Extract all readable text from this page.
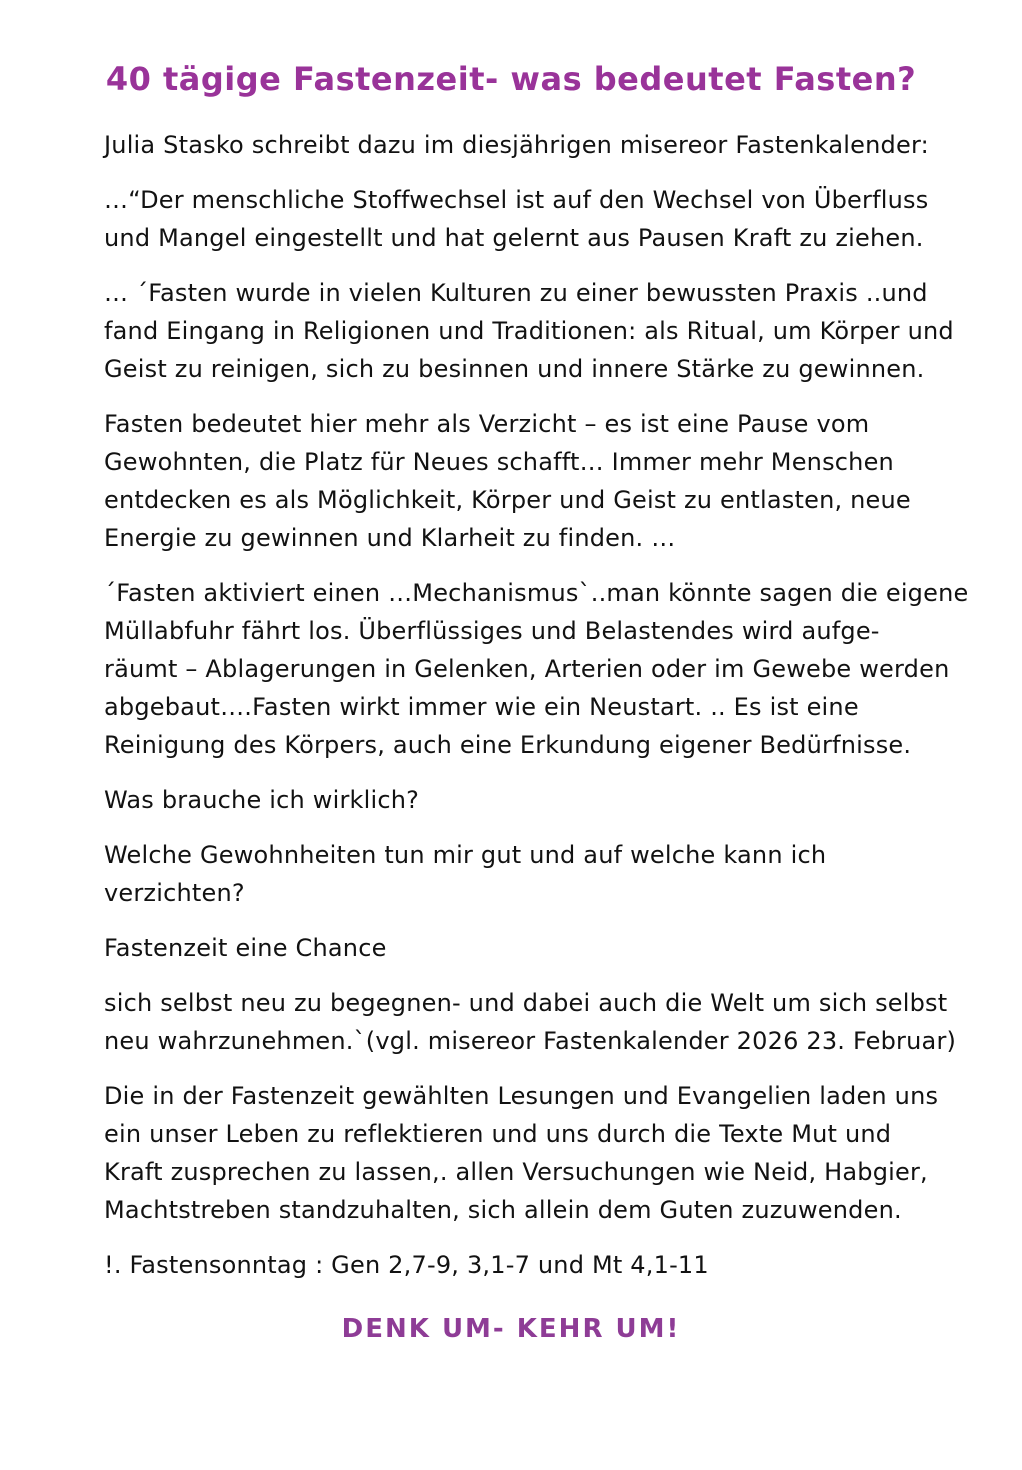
40 tägige Fastenzeit- was bedeutet Fasten?

Julia Stasko schreibt dazu im diesjährigen misereor Fastenkalender:

…“Der menschliche Stoffwechsel ist auf den Wechsel von Überfluss
und Mangel eingestellt und hat gelernt aus Pausen Kraft zu ziehen.

… ´Fasten wurde in vielen Kulturen zu einer bewussten Praxis ..und
fand Eingang in Religionen und Traditionen: als Ritual, um Körper und
Geist zu reinigen, sich zu besinnen und innere Stärke zu gewinnen.

Fasten bedeutet hier mehr als Verzicht – es ist eine Pause vom
Gewohnten, die Platz für Neues schafft… Immer mehr Menschen
entdecken es als Möglichkeit, Körper und Geist zu entlasten, neue
Energie zu gewinnen und Klarheit zu finden. …

´Fasten aktiviert einen …Mechanismus`..man könnte sagen die eigene
Müllabfuhr fährt los. Überflüssiges und Belastendes wird aufge-
räumt – Ablagerungen in Gelenken, Arterien oder im Gewebe werden
abgebaut….Fasten wirkt immer wie ein Neustart. .. Es ist eine
Reinigung des Körpers, auch eine Erkundung eigener Bedürfnisse.

Was brauche ich wirklich?

Welche Gewohnheiten tun mir gut und auf welche kann ich
verzichten?

Fastenzeit eine Chance

sich selbst neu zu begegnen- und dabei auch die Welt um sich selbst
neu wahrzunehmen.`(vgl. misereor Fastenkalender 2026 23. Februar)

Die in der Fastenzeit gewählten Lesungen und Evangelien laden uns
ein unser Leben zu reflektieren und uns durch die Texte Mut und
Kraft zusprechen zu lassen,. allen Versuchungen wie Neid, Habgier,
Machtstreben standzuhalten, sich allein dem Guten zuzuwenden.

!. Fastensonntag : Gen 2,7-9, 3,1-7 und Mt 4,1-11

DENK UM- KEHR UM!
